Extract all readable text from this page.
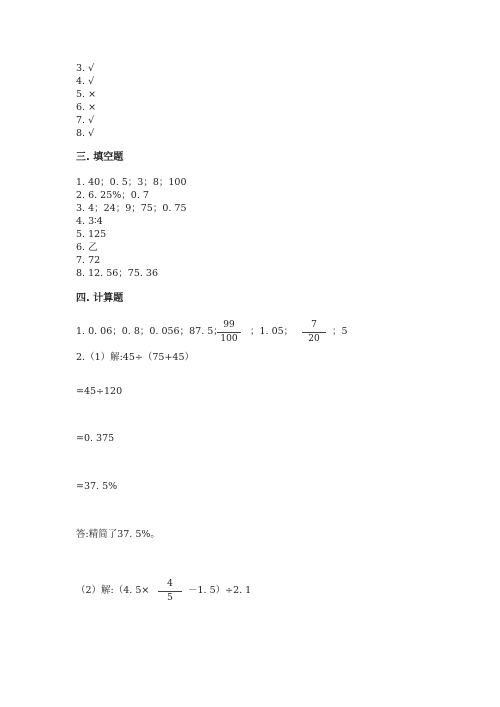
3. √
4. √
5. ×
6. ×
7. √
8. √
三. 填空题
1. 40；0. 5；3；8；100
2. 6. 25%；0. 7
3. 4；24；9；75；0. 75
4. 3∶4
5. 125
6. 乙
7. 72
8. 12. 56；75. 36
四. 计算题
1. 0. 06；0. 8；0. 056；87. 5；
99
100
；1. 05；
7
20
；5
2.（1）解:45÷（75+45）
=45÷120
=0. 375
=37. 5%
答:精简了37. 5%。
（2）解:（4. 5×
4
5
－1. 5）÷2. 1
